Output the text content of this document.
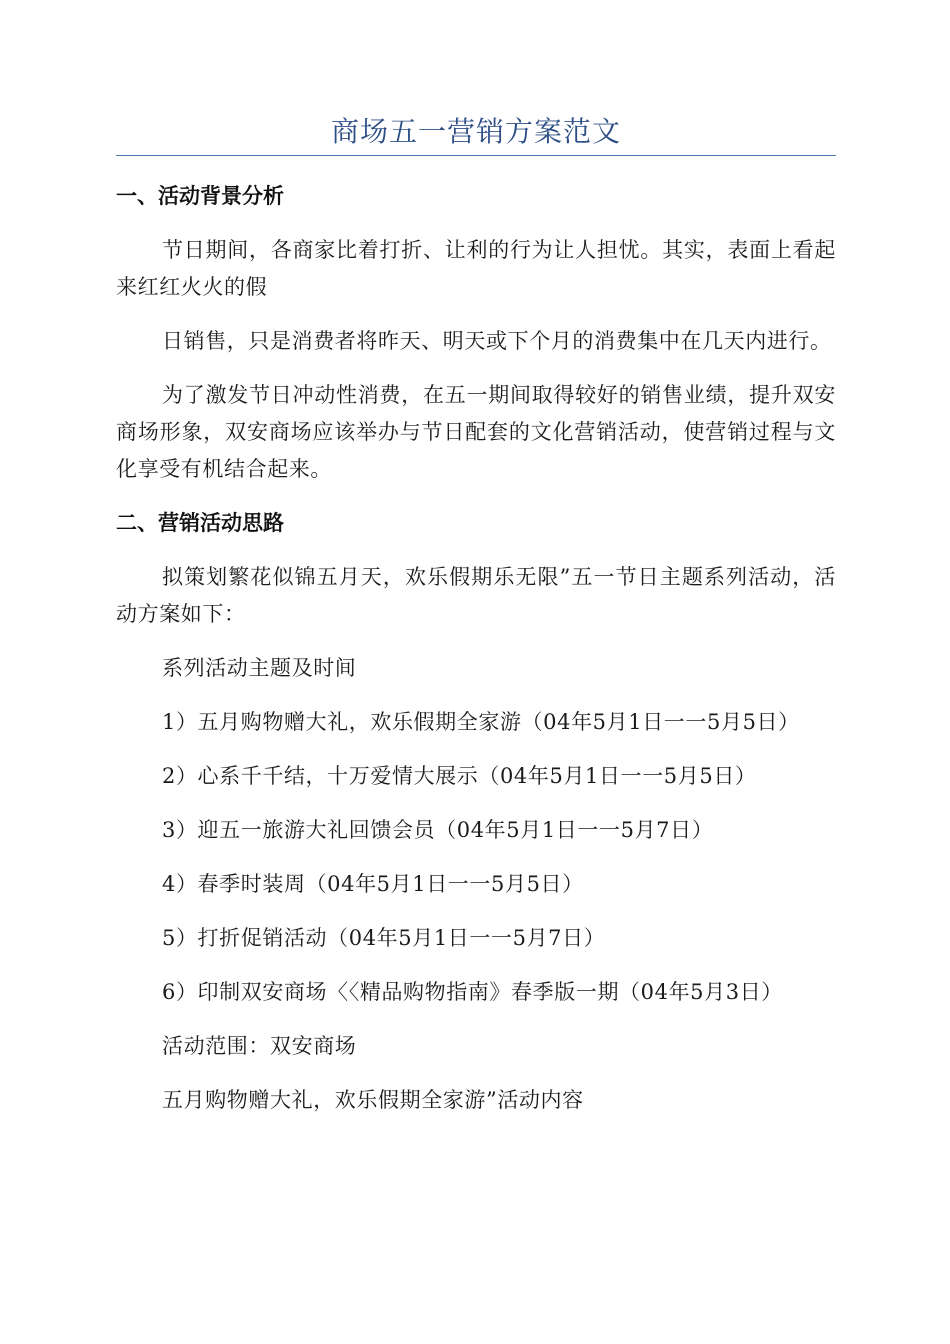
商场五一营销方案范文
一、活动背景分析

节日期间，各商家比着打折、让利的行为让人担忧。其实，表面上看起来红红火火的假

日销售，只是消费者将昨天、明天或下个月的消费集中在几天内进行。

为了激发节日冲动性消费，在五一期间取得较好的销售业绩，提升双安商场形象，双安商场应该举办与节日配套的文化营销活动，使营销过程与文化享受有机结合起来。

二、营销活动思路

拟策划繁花似锦五月天，欢乐假期乐无限”五一节日主题系列活动，活动方案如下：

系列活动主题及时间

1）五月购物赠大礼，欢乐假期全家游（04年5月1日一一5月5日）

2）心系千千结，十万爱情大展示（04年5月1日一一5月5日）

3）迎五一旅游大礼回馈会员（04年5月1日一一5月7日）

4）春季时装周（04年5月1日一一5月5日）

5）打折促销活动（04年5月1日一一5月7日）

6）印制双安商场〈〈精品购物指南》春季版一期（04年5月3日）

活动范围：双安商场

五月购物赠大礼，欢乐假期全家游”活动内容
